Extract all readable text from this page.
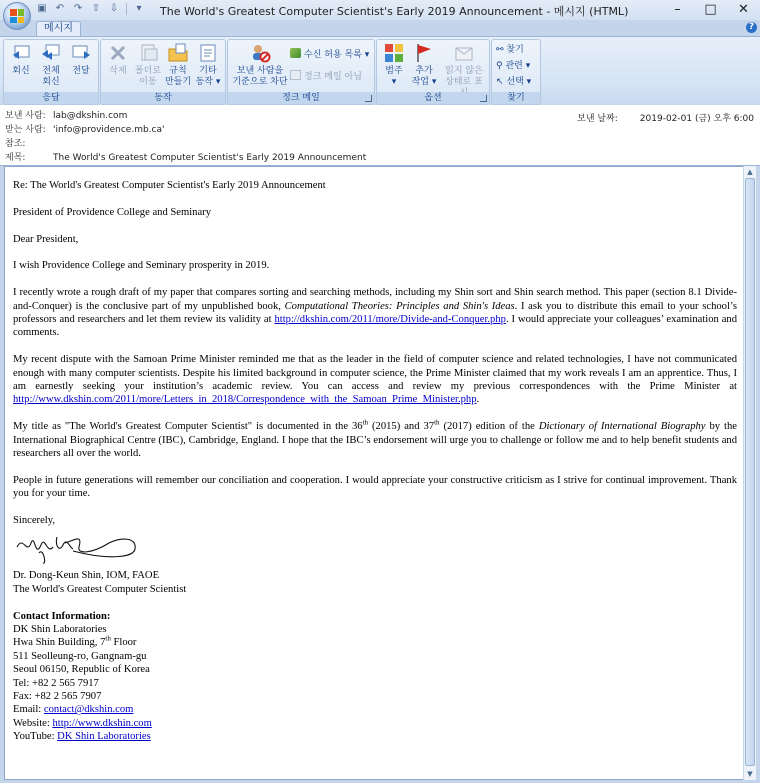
▣ ↶ ↷ ⇧ ⇩	▾	The World's Greatest Computer Scientist's Early 2019 Announcement - 메시지 (HTML)	–	□	✕
메시지	?
회신	전체
회신
전달
응답
삭제 폴더로
이동
규칙
만들기
기타
동작 ▾
동작
보낸 사람을
기준으로 차단
수신 허용 목록 ▾
정크 메일 아님
정크 메일
범주
▾
추가
작업 ▾
읽지 않은
상태로 표
옵션
⚯ 찾기
⚲ 관련 ▾
↖ 선택 ▾
찾기
보낸 사람: lab@dkshin.com
받는 사람: 'info@providence.mb.ca'
참조:
제목:	The World's Greatest Computer Scientist's Early 2019 Announcement
보낸 날짜: 2019-02-01 (금) 오후 6:00

Re: The World's Greatest Computer Scientist's Early 2019 Announcement

President of Providence College and Seminary

Dear President,

I wish Providence College and Seminary prosperity in 2019.

I recently wrote a rough draft of my paper that compares sorting and searching methods, including my Shin sort and Shin search method. This paper (section 8.1 Divide-and-Conquer) is the conclusive part of my unpublished book, Computational Theories: Principles and Shin's Ideas. I ask you to distribute this email to your school’s professors and researchers and let them review its validity at http://dkshin.com/2011/more/Divide-and-Conquer.php. I would appreciate your colleagues’ examination and comments.

My recent dispute with the Samoan Prime Minister reminded me that as the leader in the field of computer science and related technologies, I have not communicated enough with many computer scientists. Despite his limited background in computer science, the Prime Minister claimed that my work reveals I am an apprentice. Thus, I am earnestly seeking your institution’s academic review. You can access and review my previous correspondences with the Prime Minister at http://www.dkshin.com/2011/more/Letters_in_2018/Correspondence_with_the_Samoan_Prime_Minister.php.

My title as "The World's Greatest Computer Scientist" is documented in the 36th (2015) and 37th (2017) edition of the Dictionary of International Biography by the International Biographical Centre (IBC), Cambridge, England. I hope that the IBC’s endorsement will urge you to challenge or follow me and to help benefit students and researchers all over the world.

People in future generations will remember our conciliation and cooperation. I would appreciate your constructive criticism as I strive for continual improvement. Thank you for your time.

Sincerely,

Dr. Dong-Keun Shin, IOM, FAOE

The World's Greatest Computer Scientist

Contact Information:

DK Shin Laboratories

Hwa Shin Building, 7th Floor

511 Seolleung-ro, Gangnam-gu

Seoul 06150, Republic of Korea

Tel: +82 2 565 7917

Fax: +82 2 565 7907

Email: contact@dkshin.com

Website: http://www.dkshin.com

YouTube: DK Shin Laboratories

▲
▼
